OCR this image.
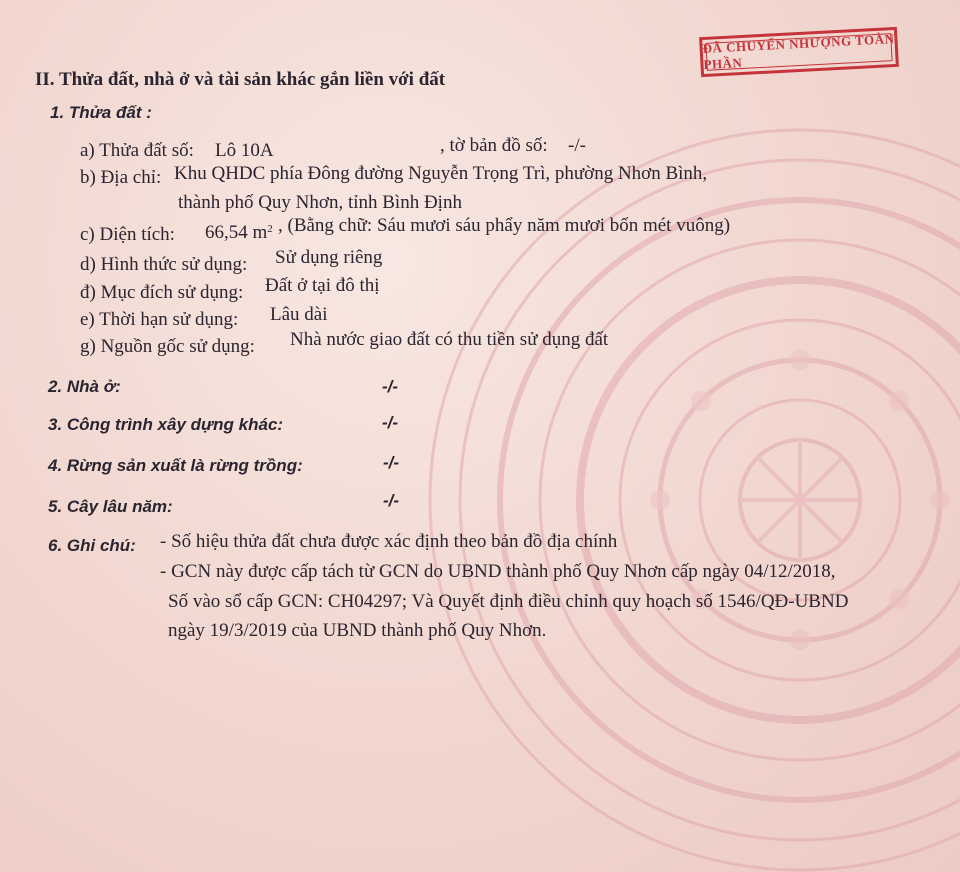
ĐÃ CHUYỂN NHƯỢNG TOÀN PHẦN
II. Thửa đất, nhà ở và tài sản khác gắn liền với đất
1. Thửa đất :
a) Thửa đất số: Lô 10A	, tờ bản đồ số: -/-
b) Địa chỉ: Khu QHDC phía Đông đường Nguyễn Trọng Trì, phường Nhơn Bình,
thành phố Quy Nhơn, tỉnh Bình Định
c) Diện tích: 66,54 $m^2$ , (Bằng chữ: Sáu mươi sáu phẩy năm mươi bốn mét vuông)
d) Hình thức sử dụng: Sử dụng riêng
đ) Mục đích sử dụng: Đất ở tại đô thị
e) Thời hạn sử dụng: Lâu dài
g) Nguồn gốc sử dụng: Nhà nước giao đất có thu tiền sử dụng đất
2. Nhà ở:	-/-
3. Công trình xây dựng khác:	-/-
4. Rừng sản xuất là rừng trồng:	-/-
5. Cây lâu năm:	-/-
6. Ghi chú: - Số hiệu thửa đất chưa được xác định theo bản đồ địa chính
- GCN này được cấp tách từ GCN do UBND thành phố Quy Nhơn cấp ngày 04/12/2018,
Số vào sổ cấp GCN: CH04297; Và Quyết định điều chỉnh quy hoạch số 1546/QĐ-UBND
ngày 19/3/2019 của UBND thành phố Quy Nhơn.
